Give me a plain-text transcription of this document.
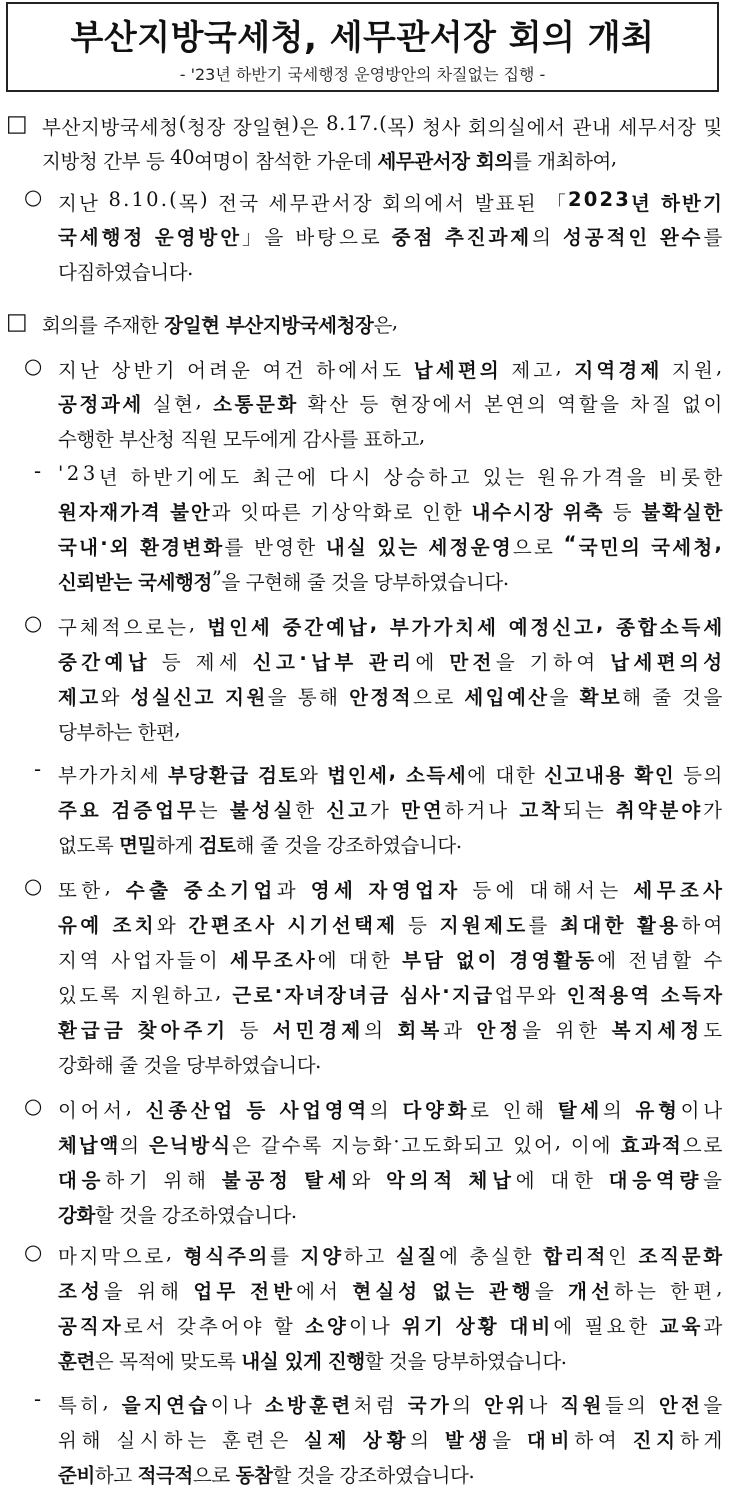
부산지방국세청, 세무관서장 회의 개최
- '23년 하반기 국세행정 운영방안의 차질없는 집행 -
□ 부 산 지 방 국 세 청 ( 청 장
장 일 현 ) 은
8 . 1 7 . ( 목 )
청 사
회 의 실 에 서
관 내
세 무 서 장
및
지 방 청
간 부
등
4 0 여 명 이
참 석 한
가 운 데
세 무 관 서 장
회 의 를
개 최 하 여 ,
○ 지 난
8 . 1 0 . ( 목 )
전 국
세 무 관 서 장
회 의 에 서
발 표 된
「 2 0 2 3 년
하 반 기
국 세 행 정
운 영 방 안 」 을
바 탕 으 로
중 점
추 진 과 제 의
성 공 적 인
완 수 를
다 짐 하 였 습 니 다 .
□ 회 의 를
주 재 한
장 일 현
부 산 지 방 국 세 청 장 은 ,
○ 지 난
상 반 기
어 려 운
여 건
하 에 서 도
납 세 편 의
제 고 ,
지 역 경 제
지 원 ,
공 정 과 세
실 현 ,
소 통 문 화
확 산
등
현 장 에 서
본 연 의
역 할 을
차 질
없 이
수 행 한
부 산 청
직 원
모 두 에 게
감 사 를
표 하 고 ,
- ' 2 3 년
하 반 기 에 도
최 근 에
다 시
상 승 하 고
있 는
원 유 가 격 을
비 롯 한
원 자 재 가 격
불 안 과
잇 따 른
기 상 악 화 로
인 한
내 수 시 장
위 축
등
불 확 실 한
국 내 · 외
환 경 변 화 를
반 영 한
내 실
있 는
세 정 운 영 으 로
“ 국 민 의
국 세 청 ,
신 뢰 받 는
국 세 행 정 ” 을
구 현 해
줄
것 을
당 부 하 였 습 니 다 .
○ 구 체 적 으 로 는 ,
법 인 세
중 간 예 납 ,
부 가 가 치 세
예 정 신 고 ,
종 합 소 득 세
중 간 예 납
등
제 세
신 고 · 납 부
관 리 에
만 전 을
기 하 여
납 세 편 의 성
제 고 와
성 실 신 고
지 원 을
통 해
안 정 적 으 로
세 입 예 산 을
확 보 해
줄
것 을
당 부 하 는
한 편 ,
- 부 가 가 치 세
부 당 환 급
검 토 와
법 인 세 ,
소 득 세 에
대 한
신 고 내 용
확 인
등 의
주 요
검 증 업 무 는
불 성 실 한
신 고 가
만 연 하 거 나
고 착 되 는
취 약 분 야 가
없 도 록
면 밀 하 게
검 토 해
줄
것 을
강 조 하 였 습 니 다 .
○ 또 한 ,
수 출
중 소 기 업 과
영 세
자 영 업 자
등 에
대 해 서 는
세 무 조 사
유 예
조 치 와
간 편 조 사
시 기 선 택 제
등
지 원 제 도 를
최 대 한
활 용 하 여
지 역
사 업 자 들 이
세 무 조 사 에
대 한
부 담
없 이
경 영 활 동 에
전 념 할
수
있 도 록
지 원 하 고 ,
근 로 · 자 녀 장 녀 금
심 사 · 지 급 업 무 와
인 적 용 역
소 득 자
환 급 금
찾 아 주 기
등
서 민 경 제 의
회 복 과
안 정 을
위 한
복 지 세 정 도
강 화 해
줄
것 을
당 부 하 였 습 니 다 .
○ 이 어 서 ,
신 종 산 업
등
사 업 영 역 의
다 양 화 로
인 해
탈 세 의
유 형 이 나
체 납 액 의
은 닉 방 식 은
갈 수 록
지 능 화 · 고 도 화 되 고
있 어 ,
이 에
효 과 적 으 로
대 응 하 기
위 해
불 공 정
탈 세 와
악 의 적
체 납 에
대 한
대 응 역 량 을
강 화 할
것 을
강 조 하 였 습 니 다 .
○ 마 지 막 으 로 ,
형 식 주 의 를
지 양 하 고
실 질 에
충 실 한
합 리 적 인
조 직 문 화
조 성 을
위 해
업 무
전 반 에 서
현 실 성
없 는
관 행 을
개 선 하 는
한 편 ,
공 직 자 로 서
갖 추 어 야
할
소 양 이 나
위 기
상 황
대 비 에
필 요 한
교 육 과
훈 련 은
목 적 에
맞 도 록
내 실
있 게
진 행 할
것 을
당 부 하 였 습 니 다 .
- 특 히 ,
을 지 연 습 이 나
소 방 훈 련 처 럼
국 가 의
안 위 나
직 원 들 의
안 전 을
위 해
실 시 하 는
훈 련 은
실 제
상 황 의
발 생 을
대 비 하 여
진 지 하 게
준 비 하 고
적 극 적 으 로
동 참 할
것 을
강 조 하 였 습 니 다 .
